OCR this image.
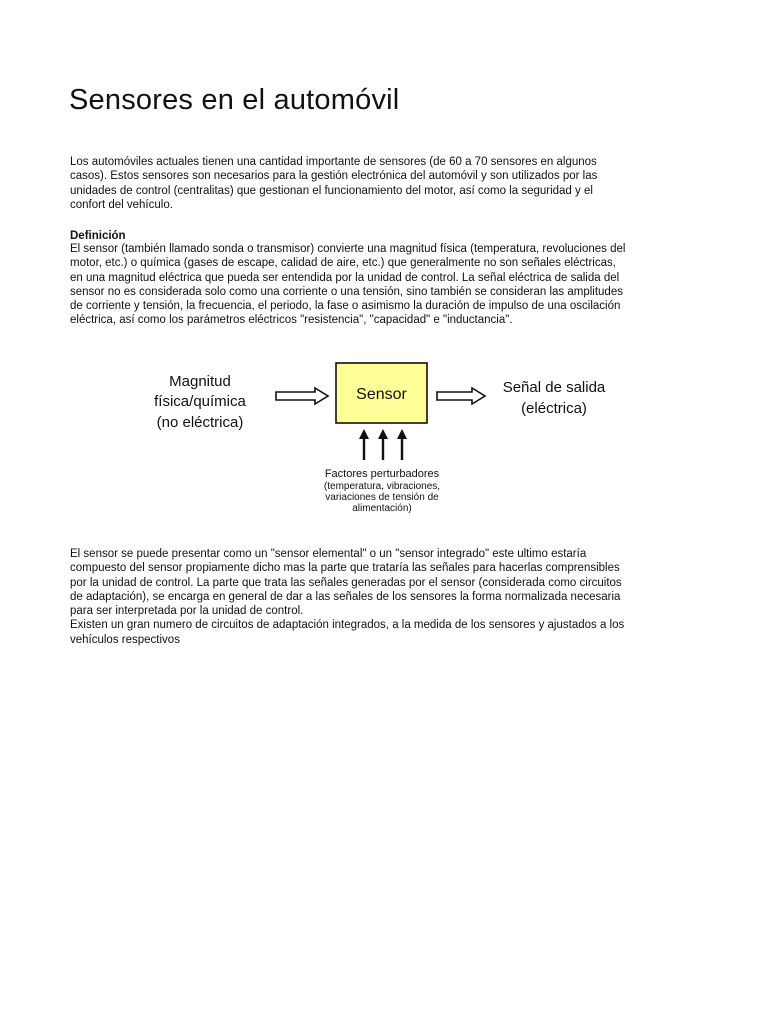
Sensores en el automóvil

Los automóviles actuales tienen una cantidad importante de sensores (de 60 a 70 sensores en algunos
casos). Estos sensores son necesarios para la gestión electrónica del automóvil y son utilizados por las
unidades de control (centralitas) que gestionan el funcionamiento del motor, así como la seguridad y el
confort del vehículo.

Definición

El sensor (también llamado sonda o transmisor) convierte una magnitud física (temperatura, revoluciones del
motor, etc.) o química (gases de escape, calidad de aire, etc.) que generalmente no son señales eléctricas,
en una magnitud eléctrica que pueda ser entendida por la unidad de control. La señal eléctrica de salida del
sensor no es considerada solo como una corriente o una tensión, sino también se consideran las amplitudes
de corriente y tensión, la frecuencia, el periodo, la fase o asimismo la duración de impulso de una oscilación
eléctrica, así como los parámetros eléctricos "resistencia", "capacidad" e "inductancia".

Magnitud
física/química
(no eléctrica)
Sensor	Señal de salida
(eléctrica)
Factores perturbadores
(temperatura, vibraciones,
variaciones de tensión de
alimentación)

El sensor se puede presentar como un "sensor elemental" o un "sensor integrado" este ultimo estaría
compuesto del sensor propiamente dicho mas la parte que trataría las señales para hacerlas comprensibles
por la unidad de control. La parte que trata las señales generadas por el sensor (considerada como circuitos
de adaptación), se encarga en general de dar a las señales de los sensores la forma normalizada necesaria
para ser interpretada por la unidad de control.
Existen un gran numero de circuitos de adaptación integrados, a la medida de los sensores y ajustados a los
vehículos respectivos
